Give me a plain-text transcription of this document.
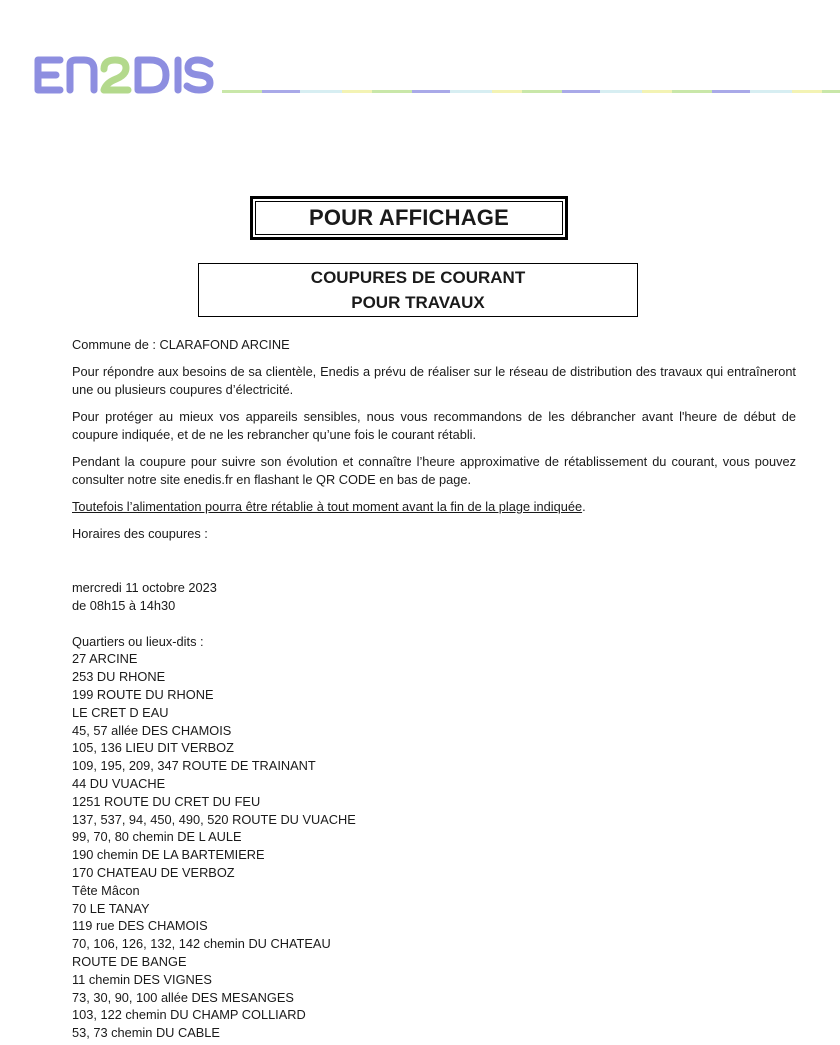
POUR AFFICHAGE
COUPURES DE COURANT
POUR TRAVAUX

Commune de : CLARAFOND ARCINE

Pour répondre aux besoins de sa clientèle, Enedis a prévu de réaliser sur le réseau de distribution des travaux qui entraîneront une ou plusieurs coupures d’électricité.

Pour protéger au mieux vos appareils sensibles, nous vous recommandons de les débrancher avant l'heure de début de coupure indiquée, et de ne les rebrancher qu’une fois le courant rétabli.

Pendant la coupure pour suivre son évolution et connaître l’heure approximative de rétablissement du courant, vous pouvez consulter notre site enedis.fr en flashant le QR CODE en bas de page.

Toutefois l’alimentation pourra être rétablie à tout moment avant la fin de la plage indiquée.

Horaires des coupures :

mercredi 11 octobre 2023
de 08h15 à 14h30
Quartiers ou lieux-dits :
27 ARCINE
253 DU RHONE
199 ROUTE DU RHONE
LE CRET D EAU
45, 57 allée DES CHAMOIS
105, 136 LIEU DIT VERBOZ
109, 195, 209, 347 ROUTE DE TRAINANT
44 DU VUACHE
1251 ROUTE DU CRET DU FEU
137, 537, 94, 450, 490, 520 ROUTE DU VUACHE
99, 70, 80 chemin DE L AULE
190 chemin DE LA BARTEMIERE
170 CHATEAU DE VERBOZ
Tête Mâcon
70 LE TANAY
119 rue DES CHAMOIS
70, 106, 126, 132, 142 chemin DU CHATEAU
ROUTE DE BANGE
11 chemin DES VIGNES
73, 30, 90, 100 allée DES MESANGES
103, 122 chemin DU CHAMP COLLIARD
53, 73 chemin DU CABLE
